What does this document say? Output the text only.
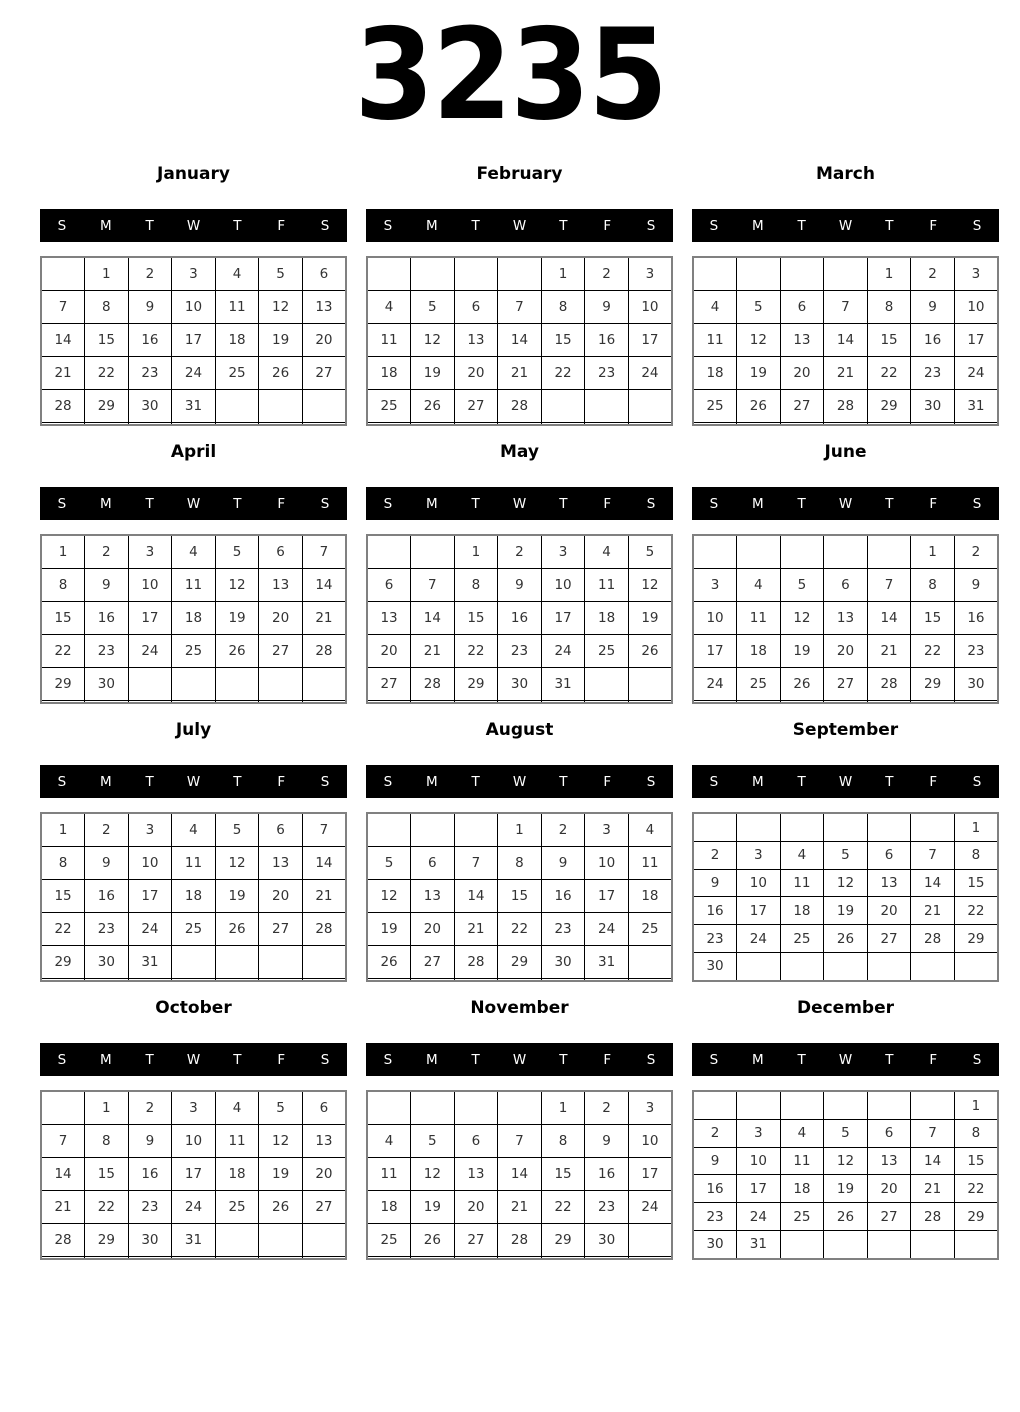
3235
January
S	M	T	W	T	F	S
	1	2	3	4	5	6
7	8	9	10	11	12	13
14	15	16	17	18	19	20
21	22	23	24	25	26	27
28	29	30	31			

February
S	M	T	W	T	F	S
				1	2	3
4	5	6	7	8	9	10
11	12	13	14	15	16	17
18	19	20	21	22	23	24
25	26	27	28			

March
S	M	T	W	T	F	S
				1	2	3
4	5	6	7	8	9	10
11	12	13	14	15	16	17
18	19	20	21	22	23	24
25	26	27	28	29	30	31

April
S	M	T	W	T	F	S
1	2	3	4	5	6	7
8	9	10	11	12	13	14
15	16	17	18	19	20	21
22	23	24	25	26	27	28
29	30					

May
S	M	T	W	T	F	S
		1	2	3	4	5
6	7	8	9	10	11	12
13	14	15	16	17	18	19
20	21	22	23	24	25	26
27	28	29	30	31		

June
S	M	T	W	T	F	S
					1	2
3	4	5	6	7	8	9
10	11	12	13	14	15	16
17	18	19	20	21	22	23
24	25	26	27	28	29	30

July
S	M	T	W	T	F	S
1	2	3	4	5	6	7
8	9	10	11	12	13	14
15	16	17	18	19	20	21
22	23	24	25	26	27	28
29	30	31				

August
S	M	T	W	T	F	S
			1	2	3	4
5	6	7	8	9	10	11
12	13	14	15	16	17	18
19	20	21	22	23	24	25
26	27	28	29	30	31	

September
S	M	T	W	T	F	S
						1
2	3	4	5	6	7	8
9	10	11	12	13	14	15
16	17	18	19	20	21	22
23	24	25	26	27	28	29
30						
October
S	M	T	W	T	F	S
	1	2	3	4	5	6
7	8	9	10	11	12	13
14	15	16	17	18	19	20
21	22	23	24	25	26	27
28	29	30	31			

November
S	M	T	W	T	F	S
				1	2	3
4	5	6	7	8	9	10
11	12	13	14	15	16	17
18	19	20	21	22	23	24
25	26	27	28	29	30	

December
S	M	T	W	T	F	S
						1
2	3	4	5	6	7	8
9	10	11	12	13	14	15
16	17	18	19	20	21	22
23	24	25	26	27	28	29
30	31					
